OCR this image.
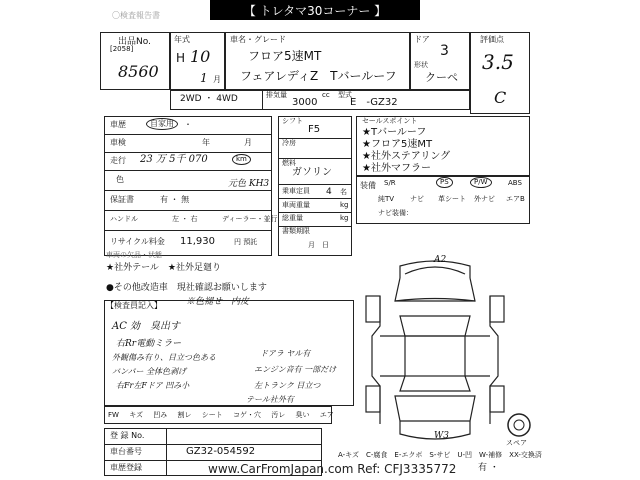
〇検査報告書	【 トレタマ30コーナー 】
出品No.
[2058]
8560
年式
H 10
1 月
車名・グレード
フロア5速MT
フェアレディZ　Tバールーフ
ドア
3
形状
クーペ
評価点
3.5
C
2WD ・ 4WD	排気量
3000
cc 型式
E　-GZ32
車歴	自家用	・
車検	年	月
走行 23 万 5千 070	km
色	元色 KH3
保証書	有 ・ 無
ハンドル	左 ・ 右	ディーラー・並行
リサイクル料金 11,930	円 預託
車両の欠品・状態
★社外テール　★社外足廻り
シフト
F5
冷房
燃料
ガソリン
乗車定員 4 名
車両重量	kg
総重量	kg
書類期限
月　日
セールスポイント
★Tバールーフ
★フロア5速MT
★社外ステアリング
★社外マフラー
装備 S/R	PS	P/W	ABS
純TV ナビ 革シート 外ナビ エアB
ナビ装備：
●その他改造車　現社確認お願いします
【検査員記入】	※色褪せ　内皮
AC 効　臭出す
右Rr電動ミラー
外観傷み有り、目立つ色ある	ドアラ ヤル有
バンパー 全体色剥げ
右Fr左Fドア 凹み小
エンジン音有 一部だけ
左トランク 目立つ
テール社外有
FW キズ 凹み 割レ シート コゲ・穴 汚レ 臭い エア
登 録 No.
車台番号	GZ32-054592
車歴登録	有 ・
A-キズ　C-腐食　E-エクボ　S-サビ　U-凹　W-補修　XX-交換済
www.CarFromJapan.com Ref: CFJ3335772
A2
W3
スペア
